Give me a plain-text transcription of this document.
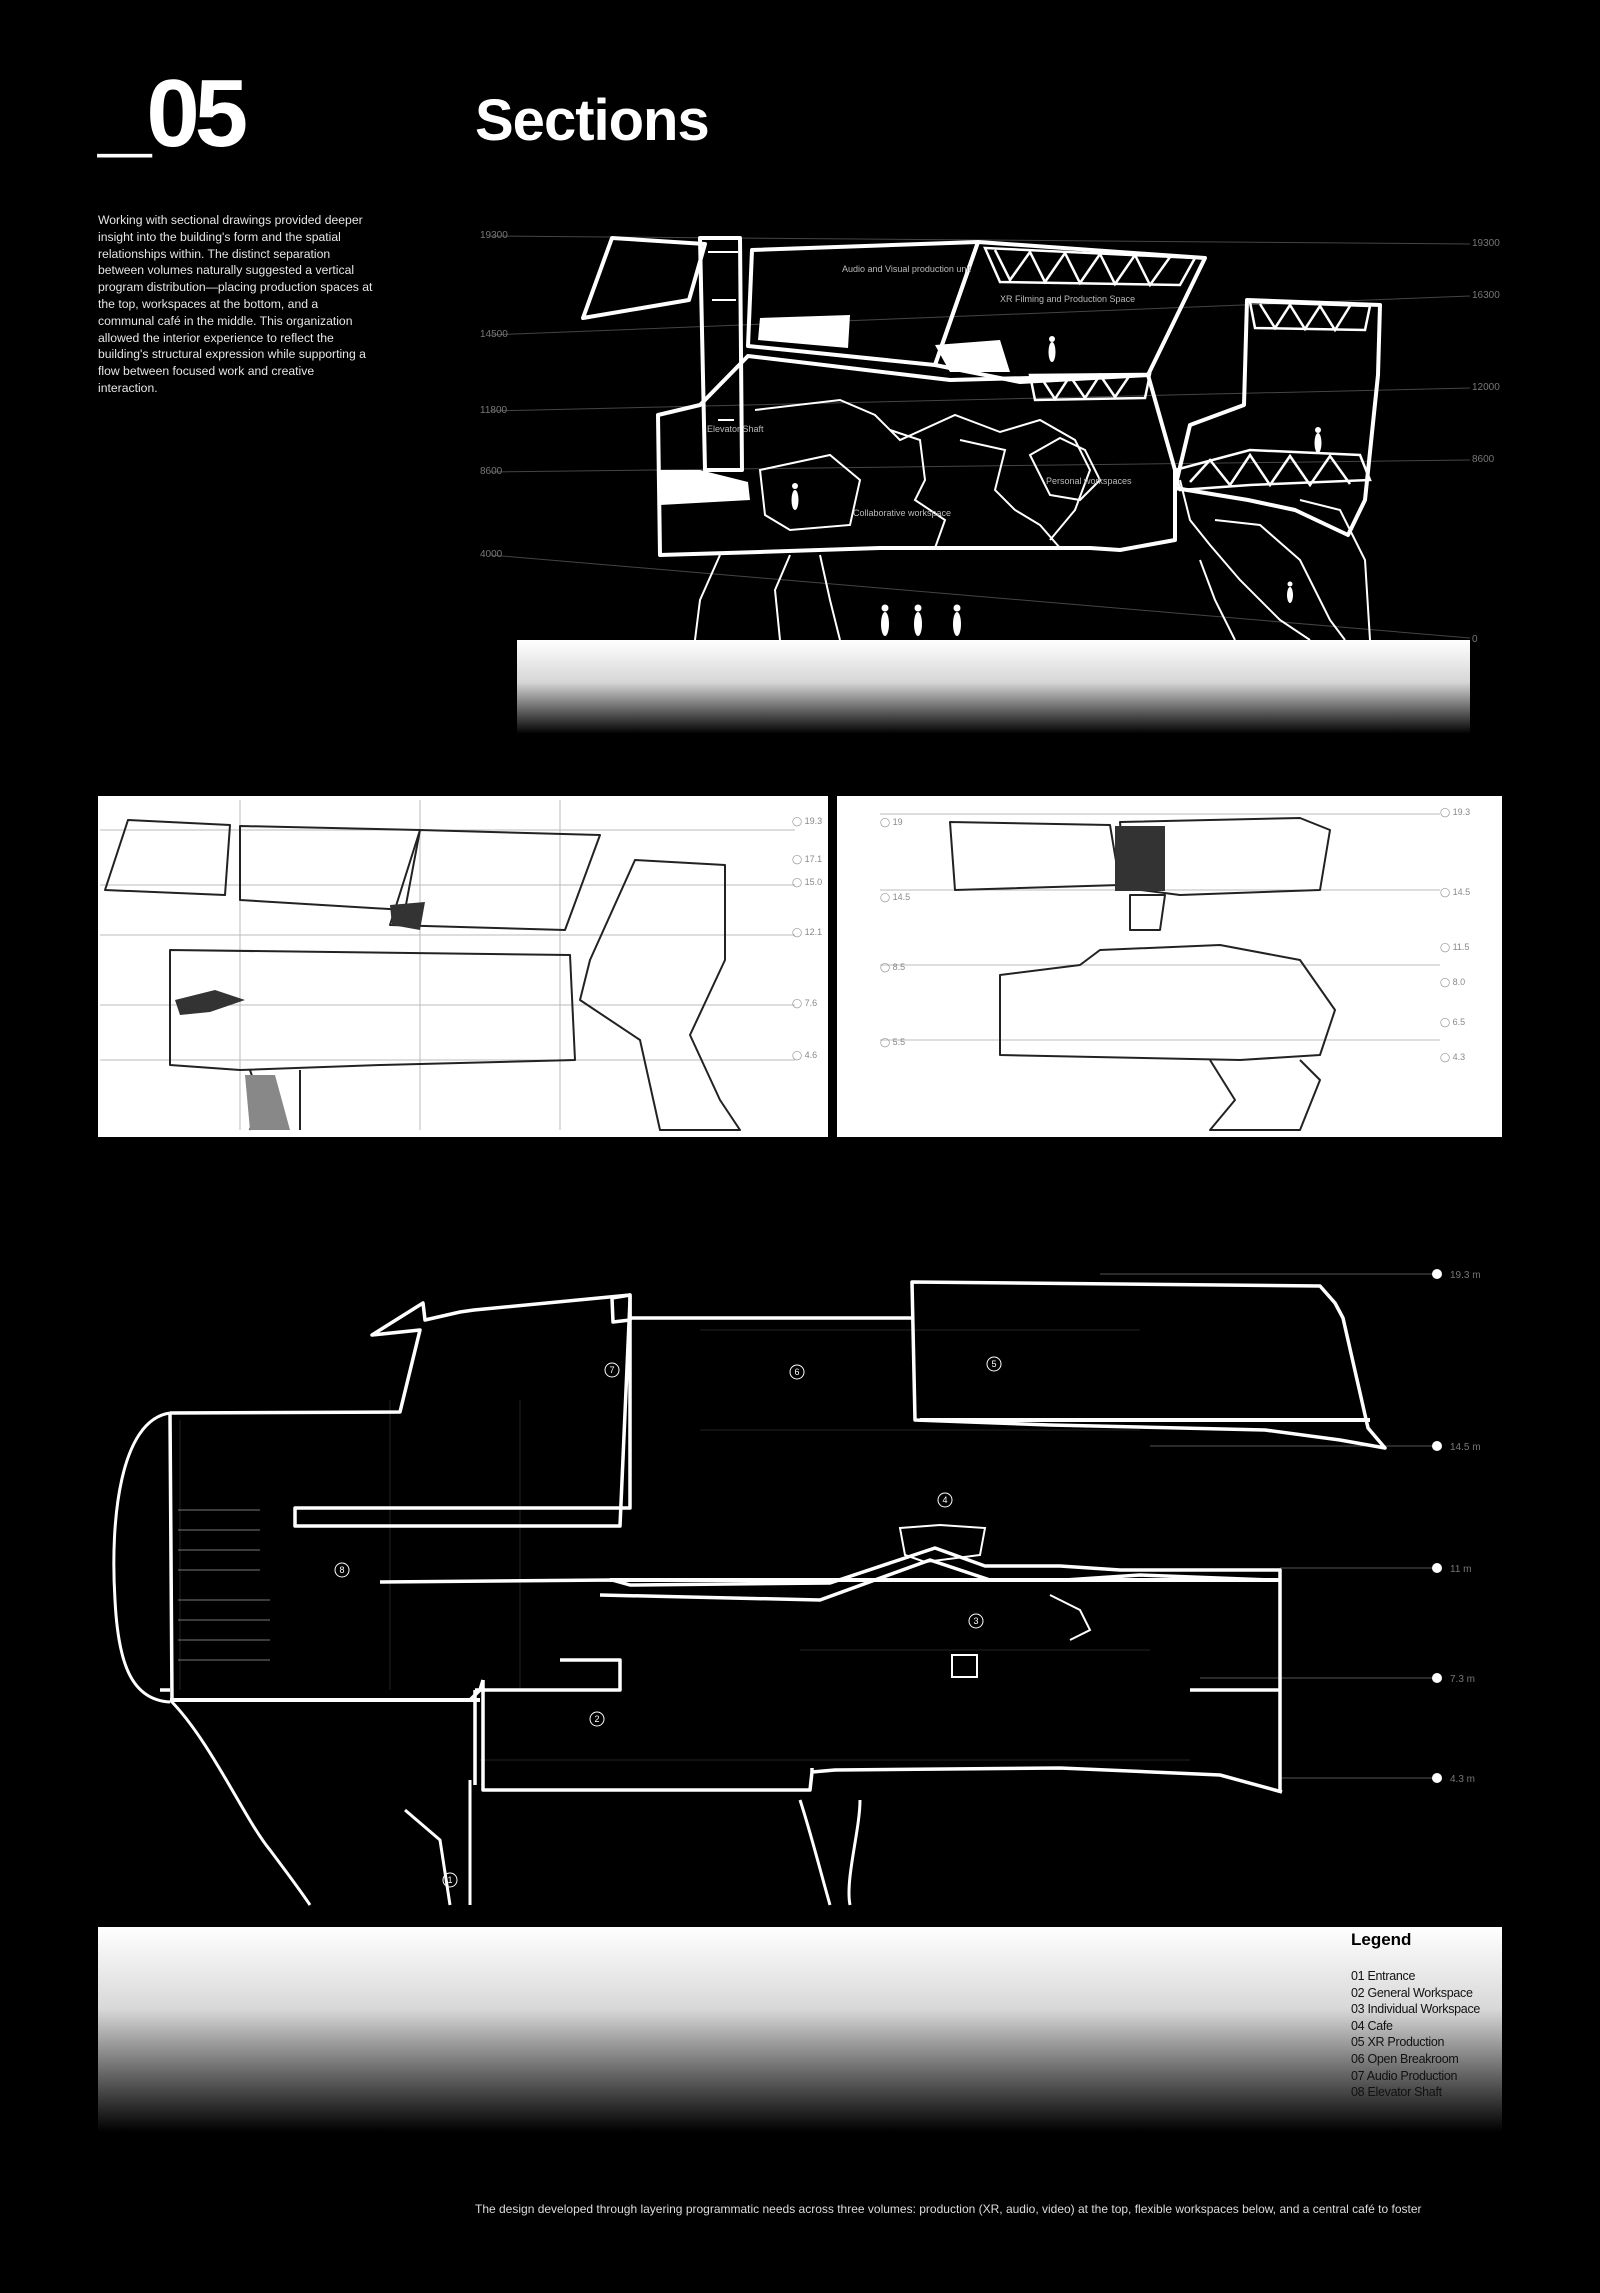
_05	Sections
Working with sectional drawings provided deeper insight into the building's form and the spatial relationships within. The distinct separation between volumes naturally suggested a vertical program distribution—placing production spaces at the top, workspaces at the bottom, and a communal café in the middle. This organization allowed the interior experience to reflect the building's structural expression while supporting a flow between focused work and creative interaction.
19300
14500
11800
8600
4000
19300
16300
12000
8600
0
Audio and Visual production unit
XR Filming and Production Space
Elevator Shaft
Collaborative workspace
Personal workspaces
◯ 19.3
◯ 17.1
◯ 15.0
◯ 12.1
◯ 7.6
◯ 4.6
◯ 19.3
◯ 14.5
◯ 11.5
◯ 8.0
◯ 6.5
◯ 4.3
◯ 19
◯ 14.5
◯ 8.5
◯ 5.5
19.3 m
14.5 m
11 m
7.3 m
4.3 m
1
2
3
4
5
6
7
8
Legend
01 Entrance
02 General Workspace
03 Individual Workspace
04 Cafe
05 XR Production
06 Open Breakroom
07 Audio Production
08 Elevator Shaft
The design developed through layering programmatic needs across three volumes: production (XR, audio, video) at the top, flexible workspaces below, and a central café to foster
